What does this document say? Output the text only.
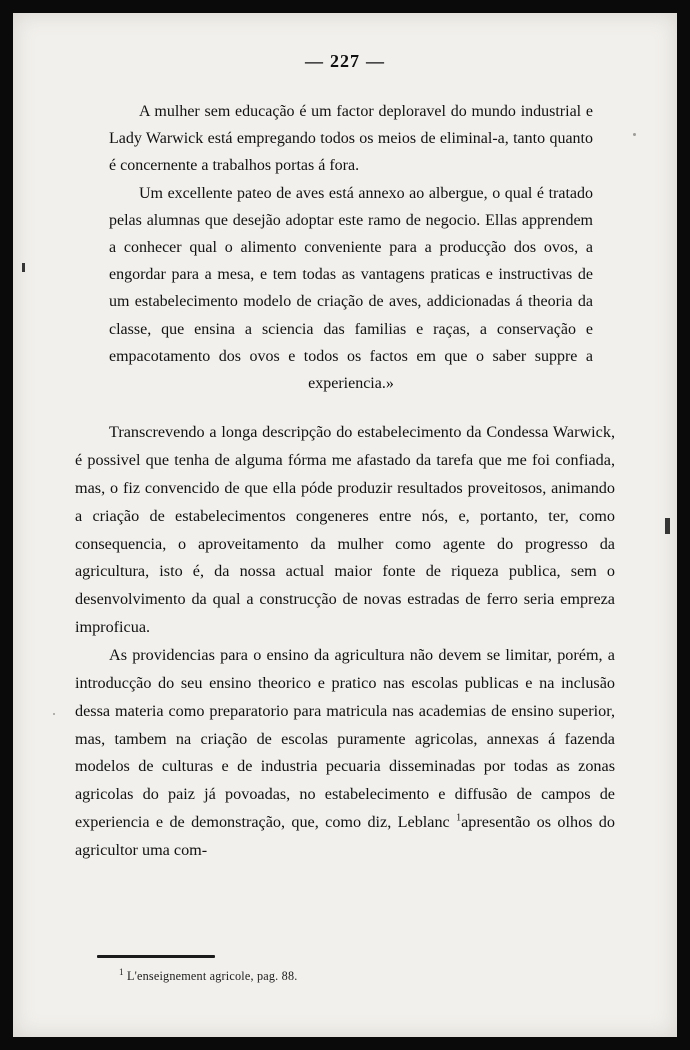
— 227 —

A mulher sem educação é um factor deploravel do mundo industrial e Lady Warwick está empregando todos os meios de eliminal-a, tanto quanto é concernente a trabalhos portas á fora.

Um excellente pateo de aves está annexo ao albergue, o qual é tratado pelas alumnas que desejão adoptar este ramo de negocio. Ellas apprendem a conhecer qual o alimento conveniente para a producção dos ovos, a engordar para a mesa, e tem todas as vantagens praticas e instructivas de um estabelecimento modelo de criação de aves, addicionadas á theoria da classe, que ensina a sciencia das familias e raças, a conservação e empacotamento dos ovos e todos os factos em que o saber suppre a experiencia.»

Transcrevendo a longa descripção do estabelecimento da Condessa Warwick, é possivel que tenha de alguma fórma me afastado da tarefa que me foi confiada, mas, o fiz convencido de que ella póde produzir resultados proveitosos, animando a criação de estabelecimentos congeneres entre nós, e, portanto, ter, como consequencia, o aproveitamento da mulher como agente do progresso da agricultura, isto é, da nossa actual maior fonte de riqueza publica, sem o desenvolvimento da qual a construcção de novas estradas de ferro seria empreza improficua.

As providencias para o ensino da agricultura não devem se limitar, porém, a introducção do seu ensino theorico e pratico nas escolas publicas e na inclusão dessa materia como preparatorio para matricula nas academias de ensino superior, mas, tambem na criação de escolas puramente agricolas, annexas á fazenda modelos de culturas e de industria pecuaria disseminadas por todas as zonas agricolas do paiz já povoadas, no estabelecimento e diffusão de campos de experiencia e de demonstração, que, como diz, Leblanc $^1$apresentão os olhos do agricultor uma com-

$^1$ L'enseignement agricole, pag. 88.
